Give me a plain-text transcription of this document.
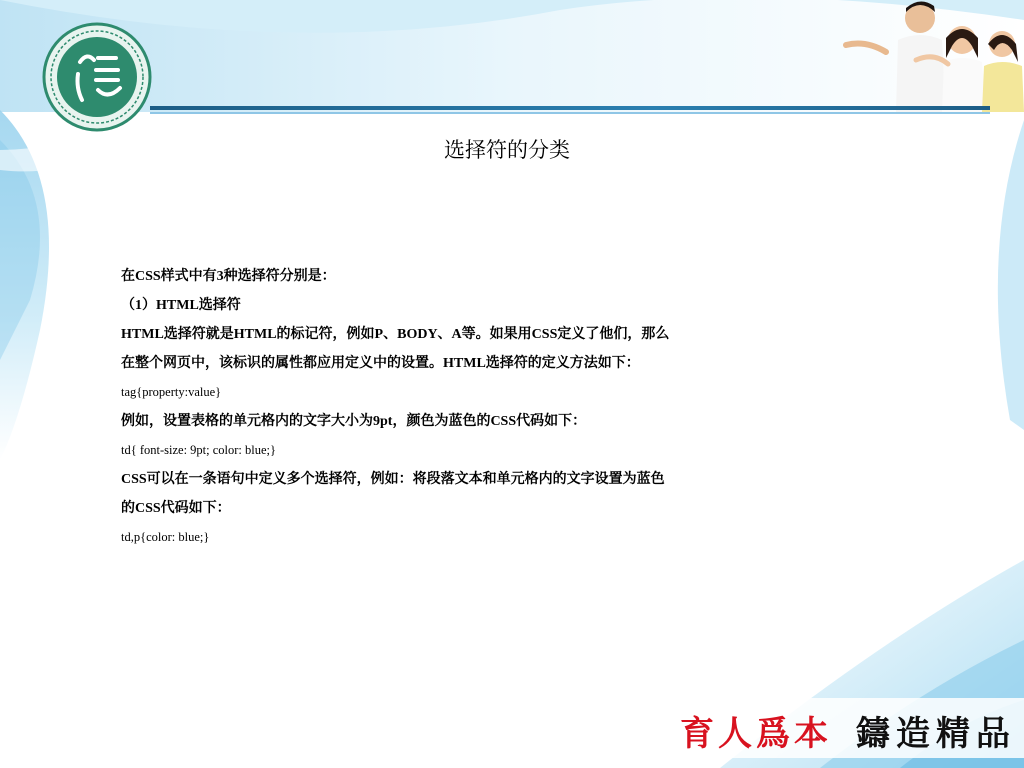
选择符的分类
在CSS样式中有3种选择符分别是：
（1）HTML选择符
HTML选择符就是HTML的标记符，例如P、BODY、A等。如果用CSS定义了他们，那么
在整个网页中，该标识的属性都应用定义中的设置。HTML选择符的定义方法如下：
tag{property:value}
例如，设置表格的单元格内的文字大小为9pt，颜色为蓝色的CSS代码如下：
td{ font-size: 9pt; color: blue;}
CSS可以在一条语句中定义多个选择符，例如：将段落文本和单元格内的文字设置为蓝色
的CSS代码如下：
td,p{color: blue;}
育人爲本 鑄造精品
